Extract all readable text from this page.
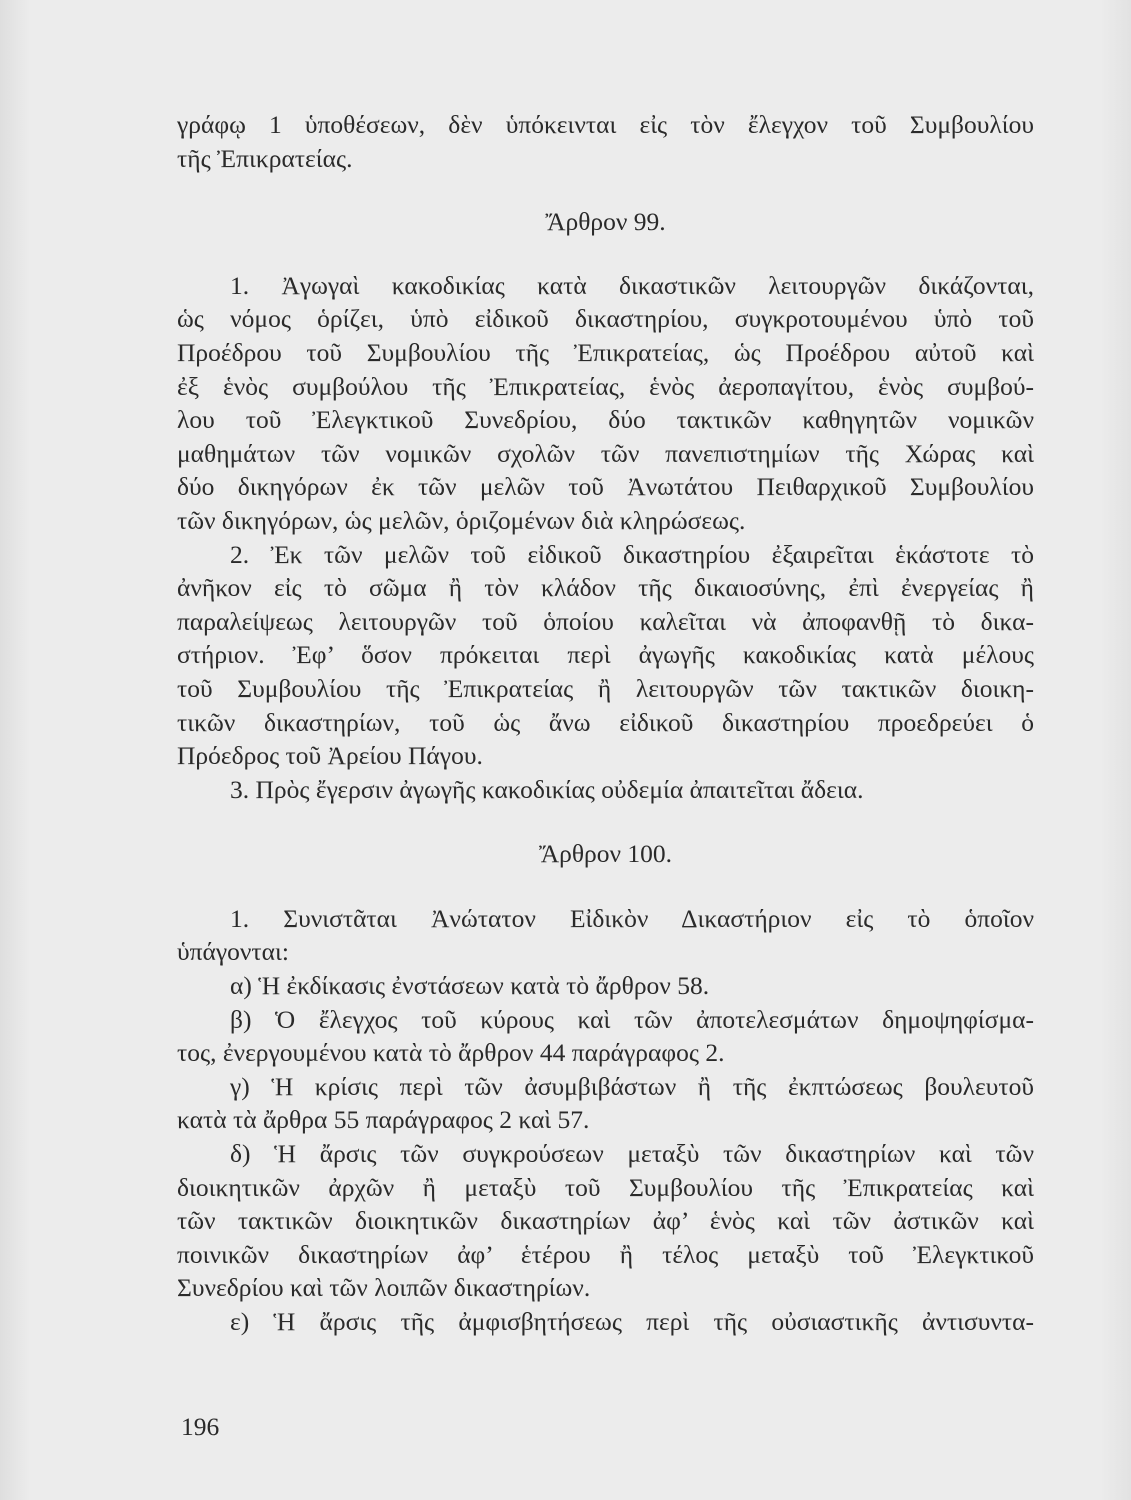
γράφῳ 1 ὑποθέσεων, δὲν ὑπόκεινται εἰς τὸν ἔλεγχον τοῦ Συμβουλίου
τῆς Ἐπικρατείας.
Ἄρθρον 99.
1. Ἀγωγαὶ κακοδικίας κατὰ δικαστικῶν λειτουργῶν δικάζονται,
ὡς νόμος ὁρίζει, ὑπὸ εἰδικοῦ δικαστηρίου, συγκροτουμένου ὑπὸ τοῦ
Προέδρου τοῦ Συμβουλίου τῆς Ἐπικρατείας, ὡς Προέδρου αὐτοῦ καὶ
ἐξ ἑνὸς συμβούλου τῆς Ἐπικρατείας, ἑνὸς ἀεροπαγίτου, ἑνὸς συμβού-
λου τοῦ Ἐλεγκτικοῦ Συνεδρίου, δύο τακτικῶν καθηγητῶν νομικῶν
μαθημάτων τῶν νομικῶν σχολῶν τῶν πανεπιστημίων τῆς Χώρας καὶ
δύο δικηγόρων ἐκ τῶν μελῶν τοῦ Ἀνωτάτου Πειθαρχικοῦ Συμβουλίου
τῶν δικηγόρων, ὡς μελῶν, ὁριζομένων διὰ κληρώσεως.
2. Ἐκ τῶν μελῶν τοῦ εἰδικοῦ δικαστηρίου ἐξαιρεῖται ἑκάστοτε τὸ
ἀνῆκον εἰς τὸ σῶμα ἢ τὸν κλάδον τῆς δικαιοσύνης, ἐπὶ ἐνεργείας ἢ
παραλείψεως λειτουργῶν τοῦ ὁποίου καλεῖται νὰ ἀποφανθῇ τὸ δικα-
στήριον. Ἐφ’ ὅσον πρόκειται περὶ ἀγωγῆς κακοδικίας κατὰ μέλους
τοῦ Συμβουλίου τῆς Ἐπικρατείας ἢ λειτουργῶν τῶν τακτικῶν διοικη-
τικῶν δικαστηρίων, τοῦ ὡς ἄνω εἰδικοῦ δικαστηρίου προεδρεύει ὁ
Πρόεδρος τοῦ Ἀρείου Πάγου.
3. Πρὸς ἔγερσιν ἀγωγῆς κακοδικίας οὐδεμία ἀπαιτεῖται ἄδεια.
Ἄρθρον 100.
1. Συνιστᾶται Ἀνώτατον Εἰδικὸν Δικαστήριον εἰς τὸ ὁποῖον
ὑπάγονται:
α) Ἡ ἐκδίκασις ἐνστάσεων κατὰ τὸ ἄρθρον 58.
β) Ὁ ἔλεγχος τοῦ κύρους καὶ τῶν ἀποτελεσμάτων δημοψηφίσμα-
τος, ἐνεργουμένου κατὰ τὸ ἄρθρον 44 παράγραφος 2.
γ) Ἡ κρίσις περὶ τῶν ἀσυμβιβάστων ἢ τῆς ἐκπτώσεως βουλευτοῦ
κατὰ τὰ ἄρθρα 55 παράγραφος 2 καὶ 57.
δ) Ἡ ἄρσις τῶν συγκρούσεων μεταξὺ τῶν δικαστηρίων καὶ τῶν
διοικητικῶν ἀρχῶν ἢ μεταξὺ τοῦ Συμβουλίου τῆς Ἐπικρατείας καὶ
τῶν τακτικῶν διοικητικῶν δικαστηρίων ἀφ’ ἑνὸς καὶ τῶν ἀστικῶν καὶ
ποινικῶν δικαστηρίων ἀφ’ ἑτέρου ἢ τέλος μεταξὺ τοῦ Ἐλεγκτικοῦ
Συνεδρίου καὶ τῶν λοιπῶν δικαστηρίων.
ε) Ἡ ἄρσις τῆς ἀμφισβητήσεως περὶ τῆς οὐσιαστικῆς ἀντισυντα-
196
